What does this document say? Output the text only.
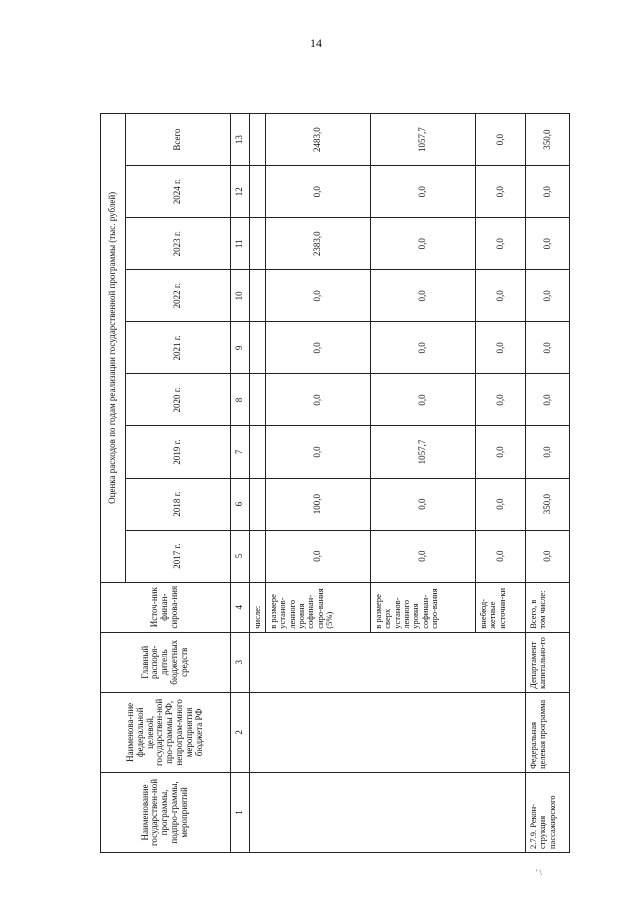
14
Наименование государствен-ной программы, подпро-граммы, мероприятий	Наименова-ние федеральной целевой, государствен-ной про-граммы РФ, непрограм-много мероприятия бюджета РФ	Главный распоря-дитель бюджетных средств	Источ-ник финан-сирова-ния	Оценка расходов по годам реализации государственной программы (тыс. рублей)								
				2017 г.	2018 г.	2019 г.	2020 г.	2021 г.	2022 г.	2023 г.	2024 г.	Всего
1	2	3	4	5	6	7	8	9	10	11	12	13
			числе:									
			в размере установ-ленного уровня софинан-сиро-вания (5%)	0,0	100,0	0,0	0,0	0,0	0,0	2383,0	0,0	2483,0
			в размере сверх установ-ленного уровня софинан-сиро-вания	0,0	0,0	1057,7	0,0	0,0	0,0	0,0	0,0	1057,7
			внебюд-жетные источни-ки	0,0	0,0	0,0	0,0	0,0	0,0	0,0	0,0	0,0
2.7.9. Рекон-струкция пассажирского	Федеральная целевая программа	Департамент капитально-го	Всего, в том числе:	0,0	350,0	0,0	0,0	0,0	0,0	0,0	0,0	350,0
' \
